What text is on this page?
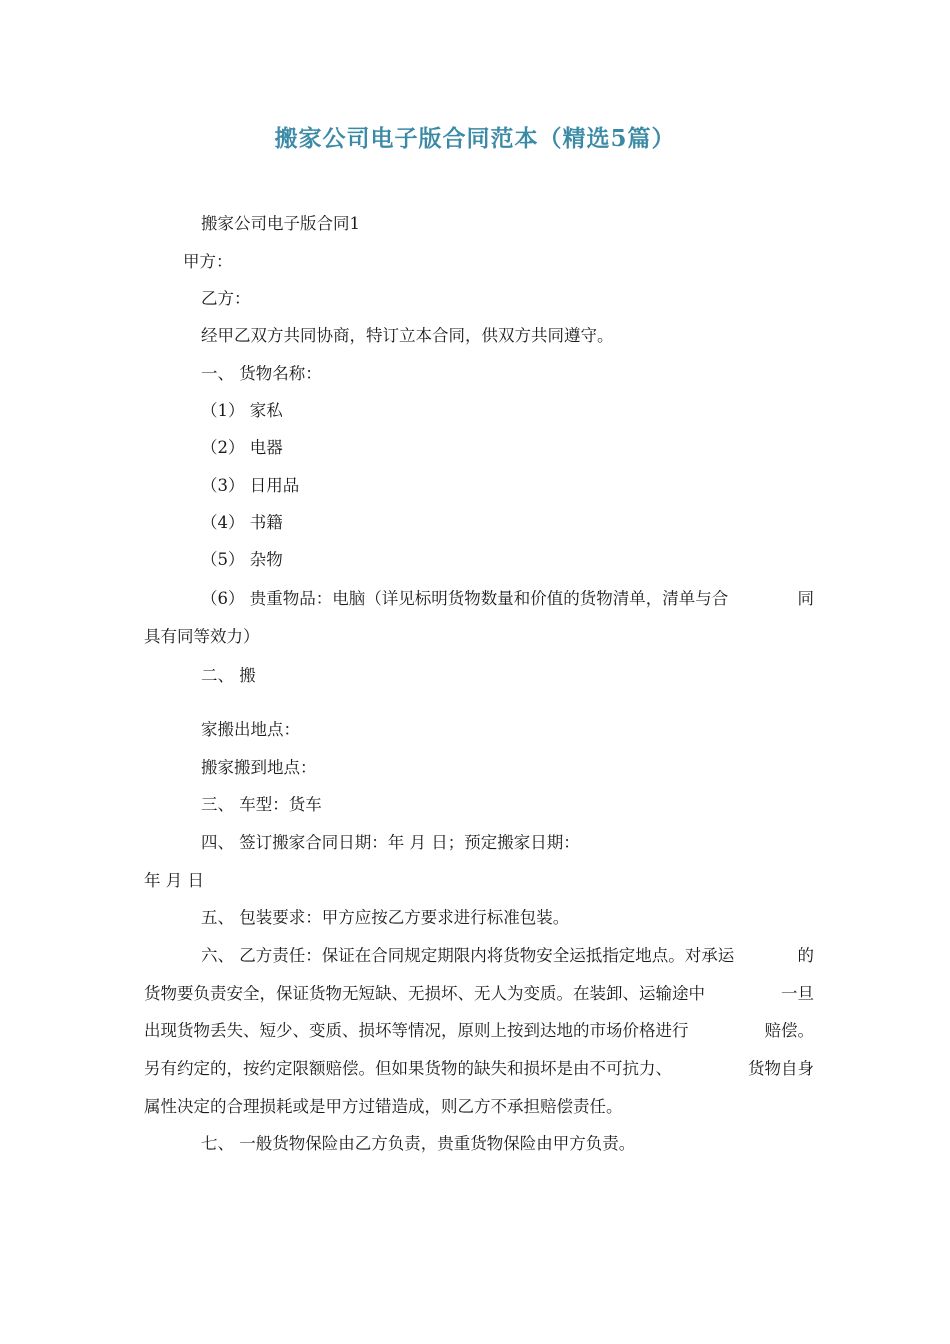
搬家公司电子版合同范本（精选5篇）
搬家公司电子版合同1
甲方：
乙方：
经甲乙双方共同协商，特订立本合同，供双方共同遵守。
一、 货物名称：
（1） 家私
（2） 电器
（3） 日用品
（4） 书籍
（5） 杂物
（6） 贵重物品：电脑（详见标明货物数量和价值的货物清单，清单与合	同
具有同等效力）
二、 搬
家搬出地点：
搬家搬到地点：
三、 车型：货车
四、 签订搬家合同日期：年 月 日；预定搬家日期：
年 月 日
五、 包装要求：甲方应按乙方要求进行标准包装。
六、 乙方责任：保证在合同规定期限内将货物安全运抵指定地点。对承运	的
货物要负责安全，保证货物无短缺、无损坏、无人为变质。在装卸、运输途中	一旦
出现货物丢失、短少、变质、损坏等情况，原则上按到达地的市场价格进行	赔偿。
另有约定的，按约定限额赔偿。但如果货物的缺失和损坏是由不可抗力、	货物自身
属性决定的合理损耗或是甲方过错造成，则乙方不承担赔偿责任。
七、 一般货物保险由乙方负责，贵重货物保险由甲方负责。
